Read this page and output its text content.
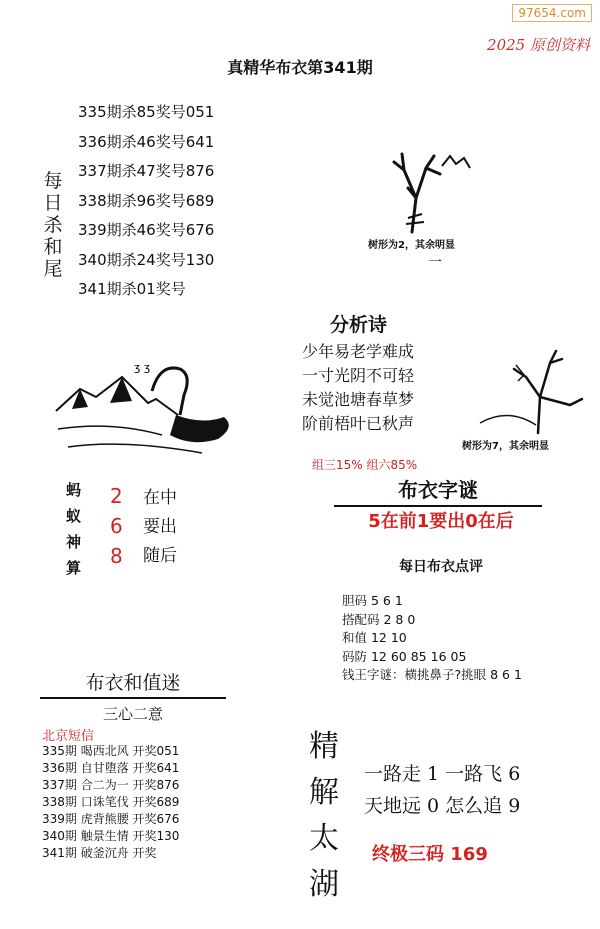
97654.com
2025 原创资料
真精华布衣第341期
每日杀和尾
335期杀85奖号051
336期杀46奖号641
337期杀47奖号876
338期杀96奖号689
339期杀46奖号676
340期杀24奖号130
341期杀01奖号
树形为2，其余明显
一
分析诗
少年易老学难成
一寸光阴不可轻
未觉池塘春草梦
阶前梧叶已秋声
树形为7，其余明显
ʒ ʒ
组三15% 组六85%
蚂
蚁
神
算
2
6
8
在中
要出
随后
布衣字谜
5在前1要出0在后
每日布衣点评
胆码 5 6 1
搭配码 2 8 0
和值 12 10
码防 12 60 85 16 05
钱王字谜：横挑鼻子?挑眼 8 6 1
布衣和值迷
三心二意
北京短信
335期 喝西北风 开奖051
336期 自甘堕落 开奖641
337期 合二为一 开奖876
338期 口诛笔伐 开奖689
339期 虎背熊腰 开奖676
340期 触景生情 开奖130
341期 破釜沉舟 开奖
精
解
太
湖
一路走 1 一路飞 6
天地远 0 怎么追 9
终极三码 169
